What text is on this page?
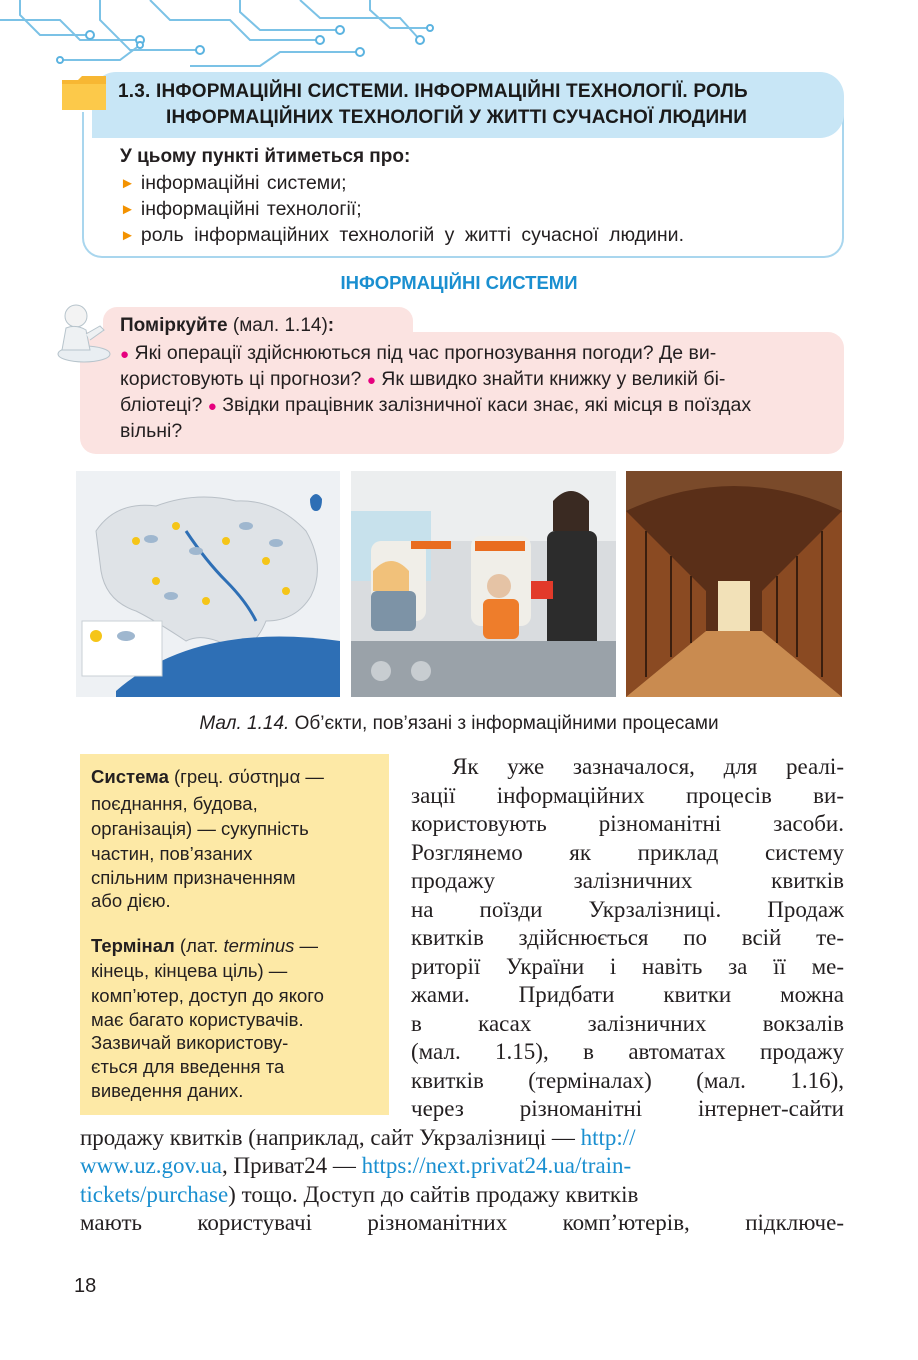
1.3. ІНФОРМАЦІЙНІ СИСТЕМИ. ІНФОРМАЦІЙНІ ТЕХНОЛОГІЇ. РОЛЬ
ІНФОРМАЦІЙНИХ ТЕХНОЛОГІЙ У ЖИТТІ СУЧАСНОЇ ЛЮДИНИ
У цьому пункті йтиметься про:
► інформаційні системи;
► інформаційні технології;
► роль інформаційних технологій у житті сучасної людини.
ІНФОРМАЦІЙНІ СИСТЕМИ
Поміркуйте (мал. 1.14):
● Які операції здійснюються під час прогнозування погоди? Де ви-
користовують ці прогнози? ● Як швидко знайти книжку у великій бі-
бліотеці? ● Звідки працівник залізничної каси знає, які місця в поїздах
вільні?
Мал. 1.14. Об’єкти, пов’язані з інформаційними процесами
Система (грец. σύστημα —
поєднання, будова,
організація) — сукупність
частин, пов’язаних
спільним призначенням
або дією.
Термінал (лат. terminus —
кінець, кінцева ціль) —
комп’ютер, доступ до якого
має багато користувачів.
Зазвичай використову-
ється для введення та
виведення даних.
Як уже зазначалося, для реалі-
зації інформаційних процесів ви-
користовують різноманітні засоби.
Розглянемо як приклад систему
продажу залізничних квитків
на поїзди Укрзалізниці. Продаж
квитків здійснюється по всій те-
риторії України і навіть за її ме-
жами. Придбати квитки можна
в касах залізничних вокзалів
(мал. 1.15), в автоматах продажу
квитків (терміналах) (мал. 1.16),
через різноманітні інтернет-сайти
продажу квитків (наприклад, сайт Укрзалізниці — http://
www.uz.gov.ua, Приват24 — https://next.privat24.ua/train-
tickets/purchase) тощо. Доступ до сайтів продажу квитків
мають користувачі різноманітних комп’ютерів, підключе-
18
